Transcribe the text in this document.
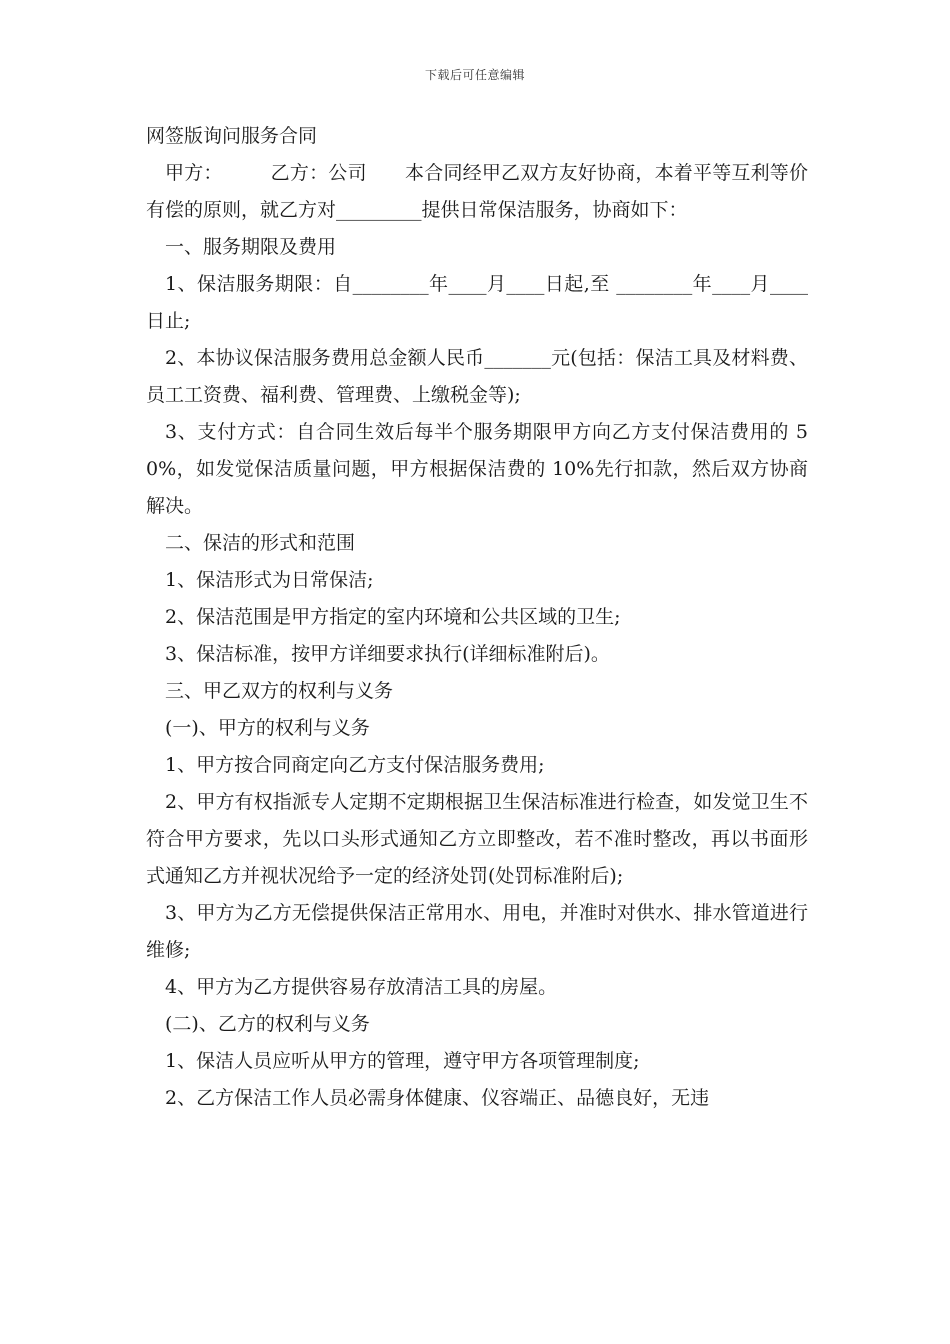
下载后可任意编辑

网签版询问服务合同

甲方：　　　乙方：公司　　本合同经甲乙双方友好协商，本着平等互利等价有偿的原则，就乙方对_________提供日常保洁服务，协商如下：

一、服务期限及费用

1、保洁服务期限：自________年____月____日起,至 ________年____月____日止;

2、本协议保洁服务费用总金额人民币_______元(包括：保洁工具及材料费、员工工资费、福利费、管理费、上缴税金等);

3、支付方式：自合同生效后每半个服务期限甲方向乙方支付保洁费用的 50%，如发觉保洁质量问题，甲方根据保洁费的 10%先行扣款，然后双方协商解决。

二、保洁的形式和范围

1、保洁形式为日常保洁;

2、保洁范围是甲方指定的室内环境和公共区域的卫生;

3、保洁标准，按甲方详细要求执行(详细标准附后)。

三、甲乙双方的权利与义务

(一)、甲方的权利与义务

1、甲方按合同商定向乙方支付保洁服务费用;

2、甲方有权指派专人定期不定期根据卫生保洁标准进行检查，如发觉卫生不符合甲方要求，先以口头形式通知乙方立即整改，若不准时整改，再以书面形式通知乙方并视状况给予一定的经济处罚(处罚标准附后);

3、甲方为乙方无偿提供保洁正常用水、用电，并准时对供水、排水管道进行维修;

4、甲方为乙方提供容易存放清洁工具的房屋。

(二)、乙方的权利与义务

1、保洁人员应听从甲方的管理，遵守甲方各项管理制度;

2、乙方保洁工作人员必需身体健康、仪容端正、品德良好，无违
